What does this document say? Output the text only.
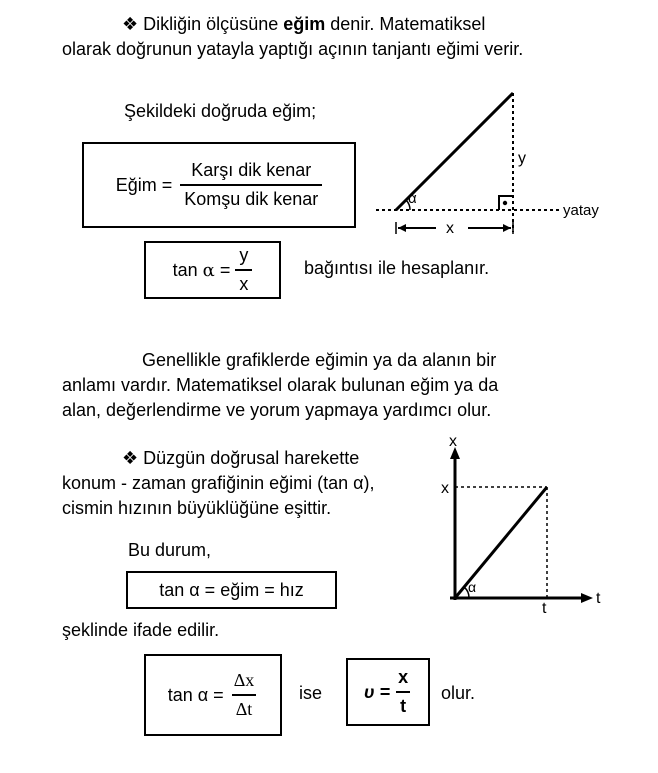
❖ Dikliğin ölçüsüne eğim denir. Matematiksel
olarak doğrunun yatayla yaptığı açının tanjantı eğimi verir.
Şekildeki doğruda eğim;
Eğim = $\frac{\text{Karşı dik kenar}}{\text{Komşu dik kenar}}$	α
y
x
yatay
$\tan \alpha = \frac{y}{x}$	bağıntısı ile hesaplanır.
Genellikle grafiklerde eğimin ya da alanın bir
anlamı vardır. Matematiksel olarak bulunan eğim ya da
alan, değerlendirme ve yorum yapmaya yardımcı olur.
❖ Düzgün doğrusal harekette
konum - zaman grafiğinin eğimi (tan α),
cismin hızının büyüklüğüne eşittir.
Bu durum,
tan α = eğim = hız
şeklinde ifade edilir.
x
x
t
t
α
$\tan \alpha = \frac{\Delta x}{\Delta t}$ ise $\upsilon = \frac{x}{t}$ olur.
